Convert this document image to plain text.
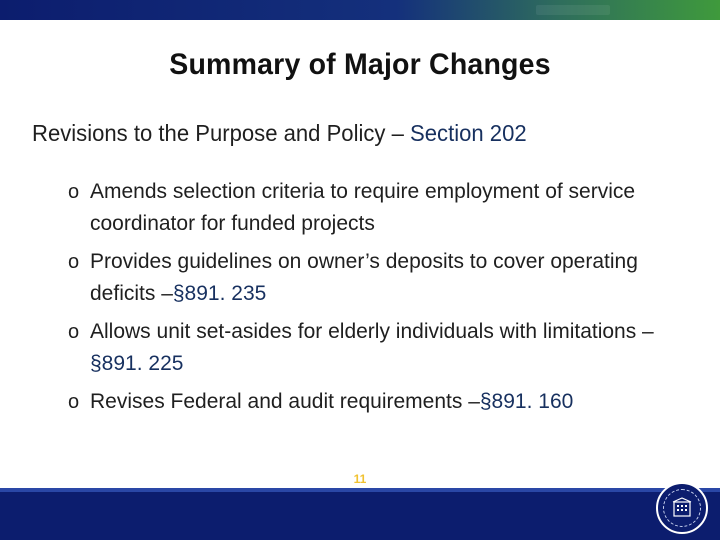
Summary of Major Changes
Revisions to the Purpose and Policy – Section 202
o Amends selection criteria to require employment of service coordinator for funded projects
o Provides guidelines on owner’s deposits to cover operating deficits –§891. 235
o Allows unit set-asides for elderly individuals with limitations –§891. 225
o Revises Federal and audit requirements –§891. 160
11
